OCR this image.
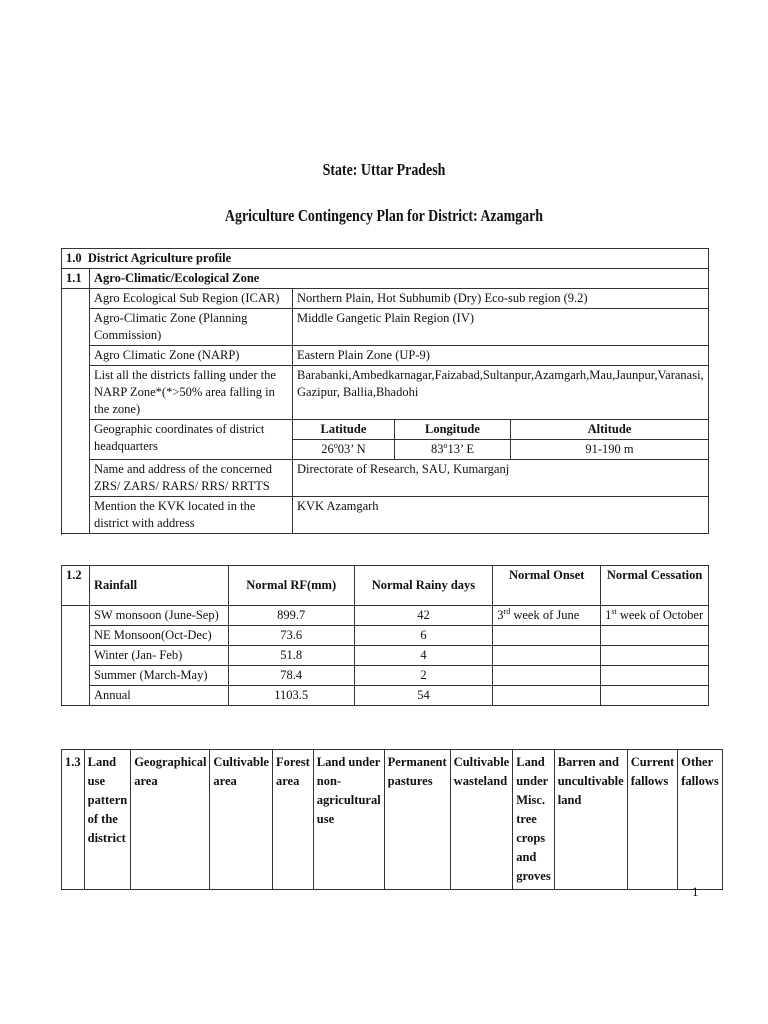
State: Uttar Pradesh
Agriculture Contingency Plan for District: Azamgarh
1.0 District Agriculture profile				
1.1	Agro-Climatic/Ecological Zone			
	Agro Ecological Sub Region (ICAR)	Northern Plain, Hot Subhumib (Dry) Eco-sub region (9.2)		
	Agro-Climatic Zone (Planning Commission)	Middle Gangetic Plain Region (IV)		
	Agro Climatic Zone (NARP)	Eastern Plain Zone (UP-9)		
	List all the districts falling under the NARP Zone*(*>50% area falling in the zone)	Barabanki,Ambedkarnagar,Faizabad,Sultanpur,Azamgarh,Mau,Jaunpur,Varanasi, Gazipur, Ballia,Bhadohi		
	Geographic coordinates of district headquarters	Latitude	Longitude	Altitude
		26$^o$03’ N	83$^o$13’ E	91-190 m
	Name and address of the concerned ZRS/ ZARS/ RARS/ RRS/ RRTTS	Directorate of Research, SAU, Kumarganj		
	Mention the KVK located in the district with address	KVK Azamgarh		

1.2	Rainfall	Normal RF(mm)	Normal Rainy days	Normal Onset	Normal Cessation
	SW monsoon (June-Sep)	899.7	42	3rd week of June	1st week of October
	NE Monsoon(Oct-Dec)	73.6	6		
	Winter (Jan- Feb)	51.8	4		
	Summer (March-May)	78.4	2		
	Annual	1103.5	54		
1.3	Land use pattern of the district	Geographical area	Cultivable area	Forest area	Land under non-agricultural use	Permanent pastures	Cultivable wasteland	Land under Misc. tree crops and groves	Barren and uncultivable land	Current fallows	Other fallows
1
